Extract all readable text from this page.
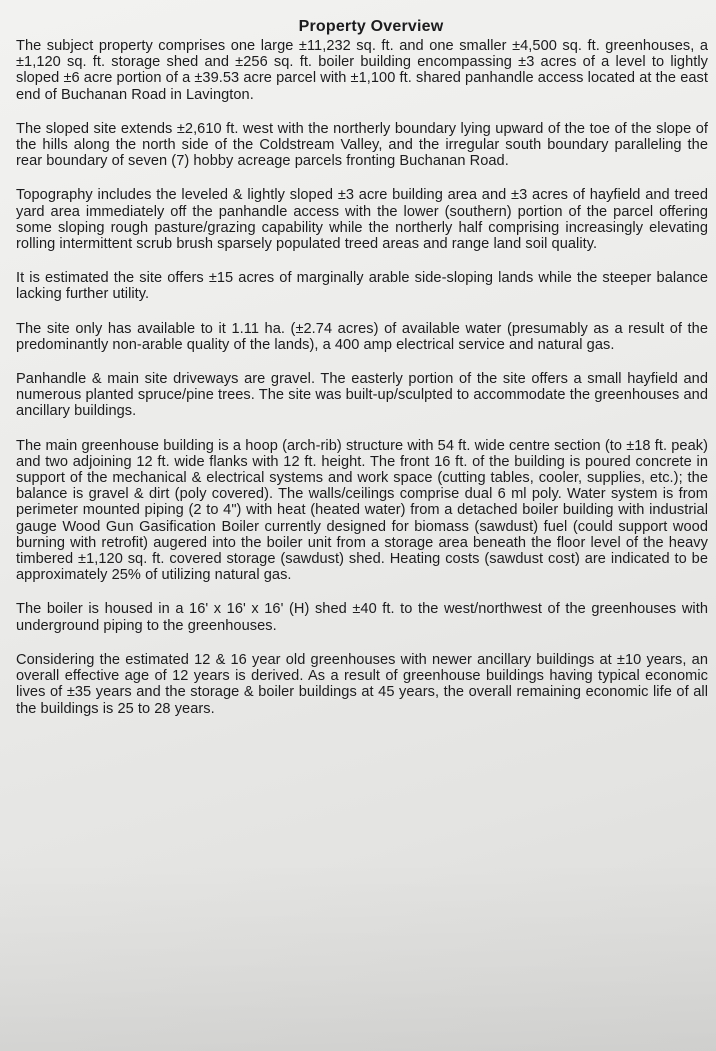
Property Overview

The subject property comprises one large ±11,232 sq. ft. and one smaller ±4,500 sq. ft. greenhouses, a ±1,120 sq. ft. storage shed and ±256 sq. ft. boiler building encompassing ±3 acres of a level to lightly sloped ±6 acre portion of a ±39.53 acre parcel with ±1,100 ft. shared panhandle access located at the east end of Buchanan Road in Lavington.

The sloped site extends ±2,610 ft. west with the northerly boundary lying upward of the toe of the slope of the hills along the north side of the Coldstream Valley, and the irregular south boundary paralleling the rear boundary of seven (7) hobby acreage parcels fronting Buchanan Road.

Topography includes the leveled & lightly sloped ±3 acre building area and ±3 acres of hayfield and treed yard area immediately off the panhandle access with the lower (southern) portion of the parcel offering some sloping rough pasture/grazing capability while the northerly half comprising increasingly elevating rolling intermittent scrub brush sparsely populated treed areas and range land soil quality.

It is estimated the site offers ±15 acres of marginally arable side-sloping lands while the steeper balance lacking further utility.

The site only has available to it 1.11 ha. (±2.74 acres) of available water (presumably as a result of the predominantly non-arable quality of the lands), a 400 amp electrical service and natural gas.

Panhandle & main site driveways are gravel. The easterly portion of the site offers a small hayfield and numerous planted spruce/pine trees. The site was built-up/sculpted to accommodate the greenhouses and ancillary buildings.

The main greenhouse building is a hoop (arch-rib) structure with 54 ft. wide centre section (to ±18 ft. peak) and two adjoining 12 ft. wide flanks with 12 ft. height. The front 16 ft. of the building is poured concrete in support of the mechanical & electrical systems and work space (cutting tables, cooler, supplies, etc.); the balance is gravel & dirt (poly covered). The walls/ceilings comprise dual 6 ml poly. Water system is from perimeter mounted piping (2 to 4") with heat (heated water) from a detached boiler building with industrial gauge Wood Gun Gasification Boiler currently designed for biomass (sawdust) fuel (could support wood burning with retrofit) augered into the boiler unit from a storage area beneath the floor level of the heavy timbered ±1,120 sq. ft. covered storage (sawdust) shed. Heating costs (sawdust cost) are indicated to be approximately 25% of utilizing natural gas.

The boiler is housed in a 16' x 16' x 16' (H) shed ±40 ft. to the west/northwest of the greenhouses with underground piping to the greenhouses.

Considering the estimated 12 & 16 year old greenhouses with newer ancillary buildings at ±10 years, an overall effective age of 12 years is derived. As a result of greenhouse buildings having typical economic lives of ±35 years and the storage & boiler buildings at 45 years, the overall remaining economic life of all the buildings is 25 to 28 years.
